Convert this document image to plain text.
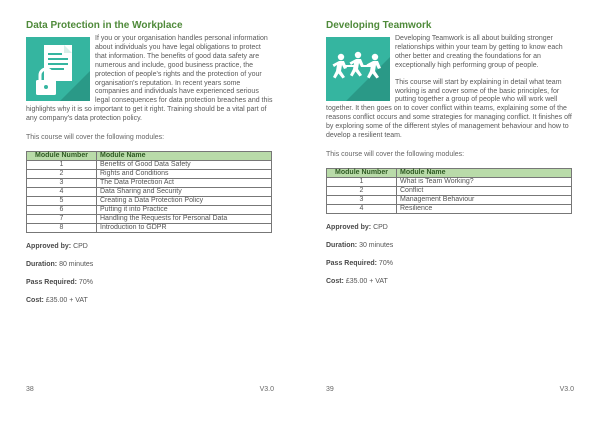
Data Protection in the Workplace
If you or your organisation handles personal information about individuals you have legal obligations to protect that information. The benefits of good data safety are numerous and include, good business practice, the protection of people's rights and the protection of your organisation's reputation. In recent years some companies and individuals have experienced serious legal consequences for data protection breaches and this highlights why it is so important to get it right. Training should be a vital part of any company's data protection policy.
This course will cover the following modules:
Module Number	Module Name
1	Benefits of Good Data Safety
2	Rights and Conditions
3	The Data Protection Act
4	Data Sharing and Security
5	Creating a Data Protection Policy
6	Putting it into Practice
7	Handling the Requests for Personal Data
8	Introduction to GDPR
Approved by: CPD
Duration: 80 minutes
Pass Required: 70%
Cost: £35.00 + VAT
38	V3.0
Developing Teamwork
Developing Teamwork is all about building stronger relationships within your team by getting to know each other better and creating the foundations for an exceptionally high performing group of people.
This course will start by explaining in detail what team working is and cover some of the basic principles, for putting together a group of people who will work well together. It then goes on to cover conflict within teams, explaining some of the reasons conflict occurs and some strategies for managing conflict. It finishes off by exploring some of the different styles of management behaviour and how to develop a resilient team.
This course will cover the following modules:
Module Number	Module Name
1	What is Team Working?
2	Conflict
3	Management Behaviour
4	Resilience
Approved by: CPD
Duration: 30 minutes
Pass Required: 70%
Cost: £35.00 + VAT
39	V3.0
